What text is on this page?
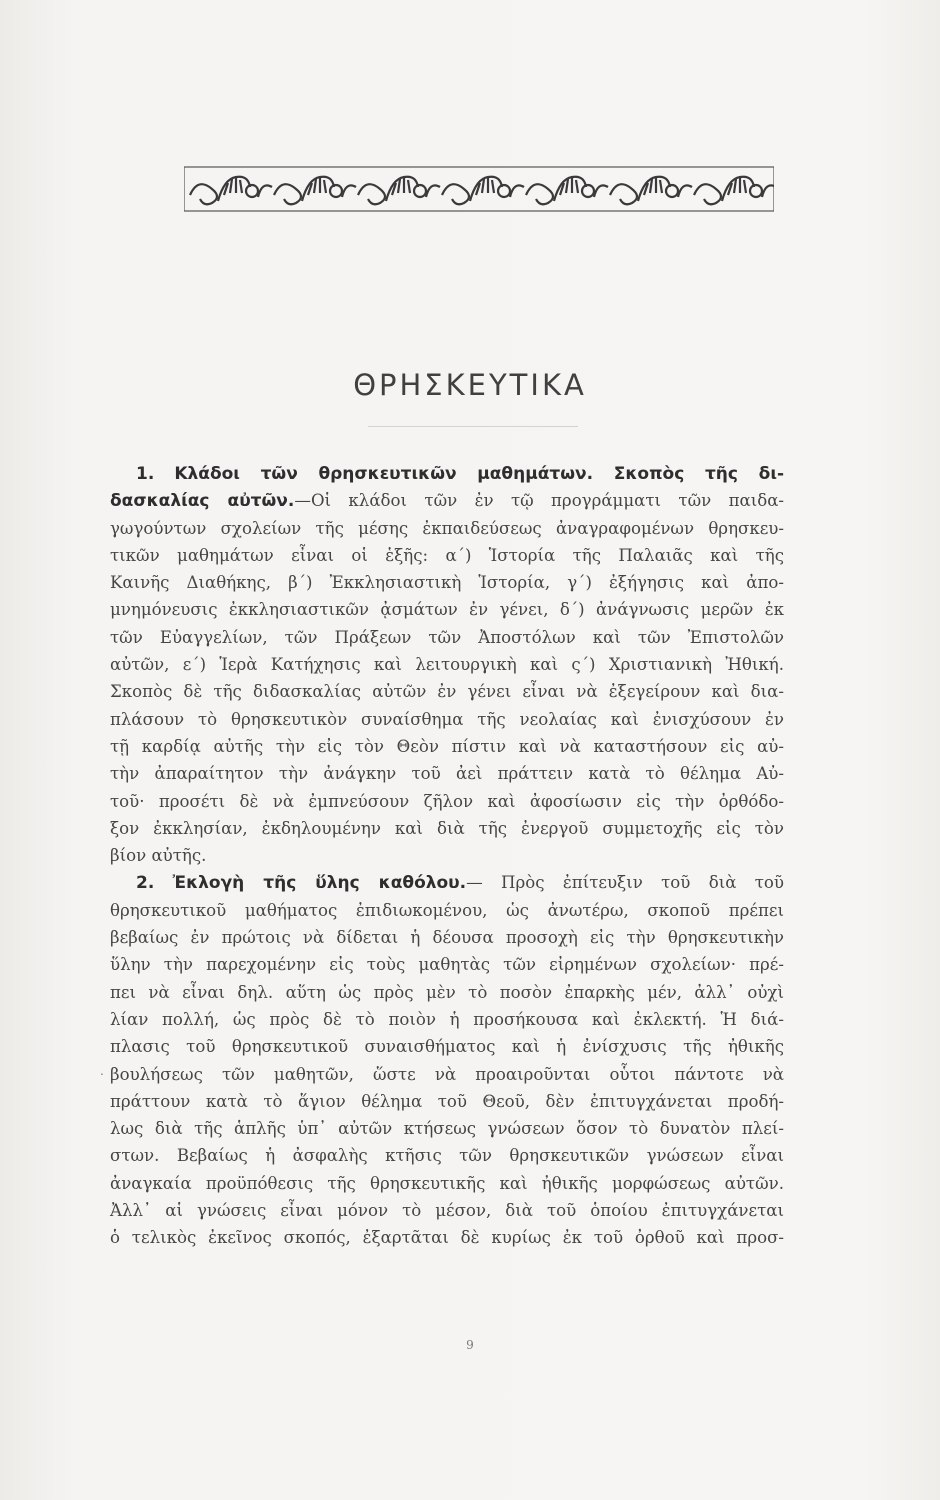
ΘΡΗΣΚΕΥΤΙΚΑ
1. Κλάδοι τῶν θρησκευτικῶν μαθημάτων. Σκοπὸς τῆς δι-
δασκαλίας αὐτῶν.—Οἱ κλάδοι τῶν ἐν τῷ προγράμματι τῶν παιδα-
γωγούντων σχολείων τῆς μέσης ἐκπαιδεύσεως ἀναγραφομένων θρησκευ-
τικῶν μαθημάτων εἶναι οἱ ἑξῆς: α΄) Ἱστορία τῆς Παλαιᾶς καὶ τῆς
Καινῆς Διαθήκης, β΄) Ἐκκλησιαστικὴ Ἱστορία, γ΄) ἐξήγησις καὶ ἀπο-
μνημόνευσις ἐκκλησιαστικῶν ᾀσμάτων ἐν γένει, δ΄) ἀνάγνωσις μερῶν ἐκ
τῶν Εὐαγγελίων, τῶν Πράξεων τῶν Ἀποστόλων καὶ τῶν Ἐπιστολῶν
αὐτῶν, ε΄) Ἱερὰ Κατήχησις καὶ λειτουργικὴ καὶ ς΄) Χριστιανικὴ Ἠθική.
Σκοπὸς δὲ τῆς διδασκαλίας αὐτῶν ἐν γένει εἶναι νὰ ἐξεγείρουν καὶ δια-
πλάσουν τὸ θρησκευτικὸν συναίσθημα τῆς νεολαίας καὶ ἐνισχύσουν ἐν
τῇ καρδίᾳ αὐτῆς τὴν εἰς τὸν Θεὸν πίστιν καὶ νὰ καταστήσουν εἰς αὐ-
τὴν ἀπαραίτητον τὴν ἀνάγκην τοῦ ἀεὶ πράττειν κατὰ τὸ θέλημα Αὐ-
τοῦ· προσέτι δὲ νὰ ἐμπνεύσουν ζῆλον καὶ ἀφοσίωσιν εἰς τὴν ὀρθόδο-
ξον ἐκκλησίαν, ἐκδηλουμένην καὶ διὰ τῆς ἐνεργοῦ συμμετοχῆς εἰς τὸν
βίον αὐτῆς.
2. Ἐκλογὴ τῆς ὕλης καθόλου.— Πρὸς ἐπίτευξιν τοῦ διὰ τοῦ
θρησκευτικοῦ μαθήματος ἐπιδιωκομένου, ὡς ἀνωτέρω, σκοποῦ πρέπει
βεβαίως ἐν πρώτοις νὰ δίδεται ἡ δέουσα προσοχὴ εἰς τὴν θρησκευτικὴν
ὕλην τὴν παρεχομένην εἰς τοὺς μαθητὰς τῶν εἰρημένων σχολείων· πρέ-
πει νὰ εἶναι δηλ. αὕτη ὡς πρὸς μὲν τὸ ποσὸν ἐπαρκὴς μέν, ἀλλ᾿ οὐχὶ
λίαν πολλή, ὡς πρὸς δὲ τὸ ποιὸν ἡ προσήκουσα καὶ ἐκλεκτή. Ἡ διά-
πλασις τοῦ θρησκευτικοῦ συναισθήματος καὶ ἡ ἐνίσχυσις τῆς ἠθικῆς
βουλήσεως τῶν μαθητῶν, ὥστε νὰ προαιροῦνται οὗτοι πάντοτε νὰ
πράττουν κατὰ τὸ ἅγιον θέλημα τοῦ Θεοῦ, δὲν ἐπιτυγχάνεται προδή-
λως διὰ τῆς ἁπλῆς ὑπ᾿ αὐτῶν κτήσεως γνώσεων ὅσον τὸ δυνατὸν πλεί-
στων. Βεβαίως ἡ ἀσφαλὴς κτῆσις τῶν θρησκευτικῶν γνώσεων εἶναι
ἀναγκαία προϋπόθεσις τῆς θρησκευτικῆς καὶ ἠθικῆς μορφώσεως αὐτῶν.
Ἀλλ᾿ αἱ γνώσεις εἶναι μόνον τὸ μέσον, διὰ τοῦ ὁποίου ἐπιτυγχάνεται
ὁ τελικὸς ἐκεῖνος σκοπός, ἐξαρτᾶται δὲ κυρίως ἐκ τοῦ ὀρθοῦ καὶ προσ-
.
9
